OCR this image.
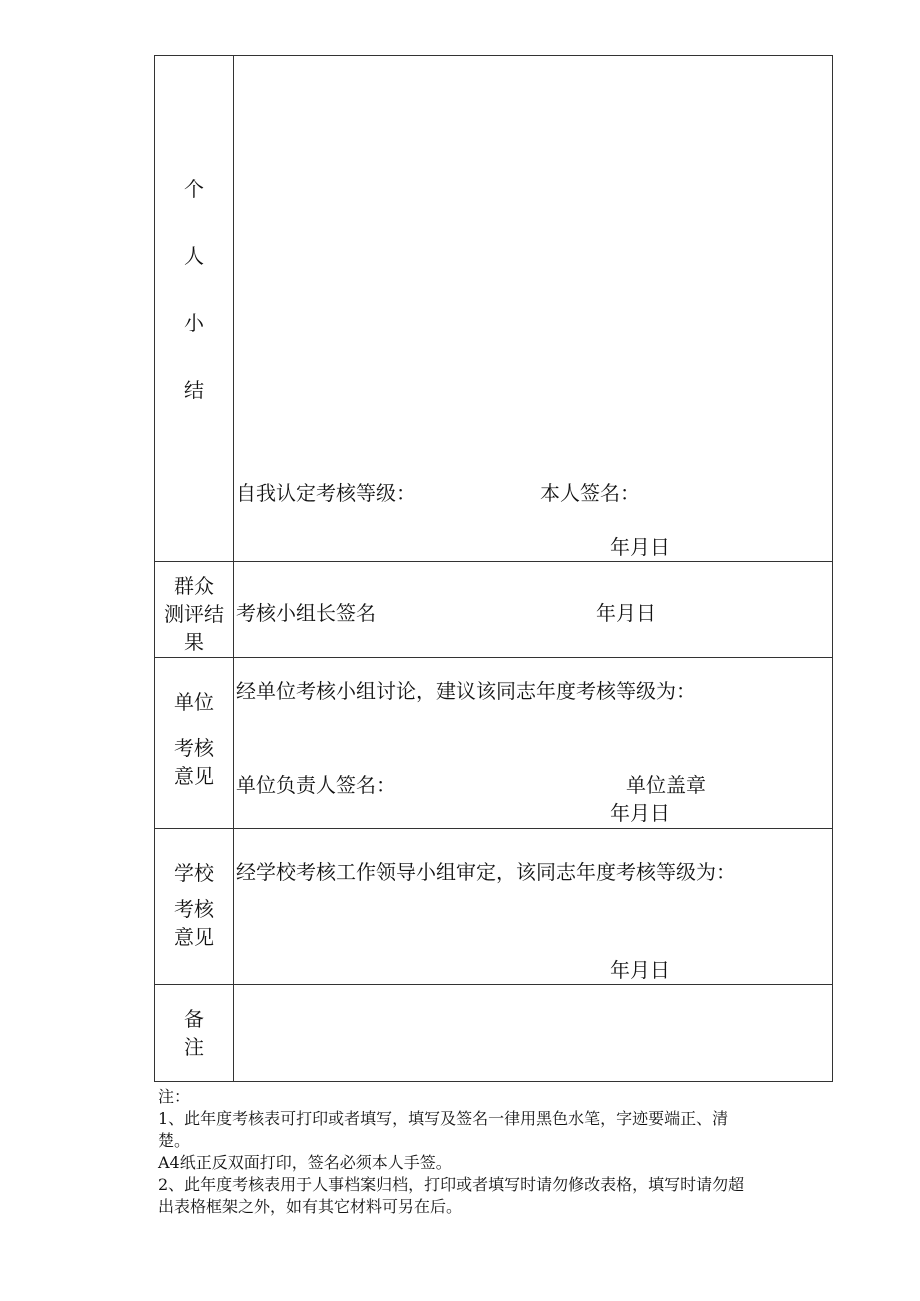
个
人
小
结	自我认定考核等级： 本人签名：
年月日

群众
测评结
果	考核小组长签名 年月日

单位
考核
意见	经单位考核小组讨论，建议该同志年度考核等级为：
单位负责人签名： 单位盖章
年月日

学校
考核
意见	经学校考核工作领导小组审定，该同志年度考核等级为：
年月日

备
注	

注：

1、此年度考核表可打印或者填写，填写及签名一律用黑色水笔，字迹要端正、清

楚。

A4纸正反双面打印，签名必须本人手签。

2、此年度考核表用于人事档案归档，打印或者填写时请勿修改表格，填写时请勿超

出表格框架之外，如有其它材料可另在后。
